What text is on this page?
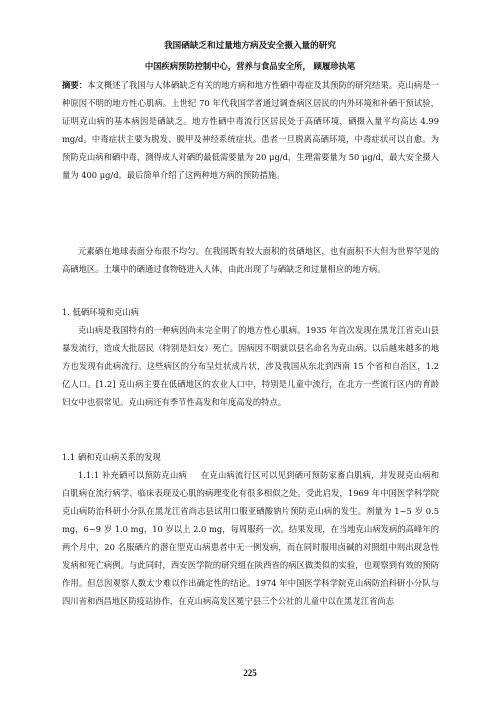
我国硒缺乏和过量地方病及安全摄入量的研究
中国疾病预防控制中心，营养与食品安全所， 顾履珍执笔
摘要：本文概述了我国与人体硒缺乏有关的地方病和地方性硒中毒症及其预防的研究结果。克山病是一种原因不明的地方性心肌病。上世纪 70 年代我国学者通过调查病区居民的内外环境和补硒干预试验，证明克山病的基本病因是硒缺乏。地方性硒中毒流行区居民处于高硒环境，硒摄入量平均高达 4.99 mg/d。中毒症状主要为脱发、脱甲及神经系统症状。患者一旦脱离高硒环境，中毒症状可以自愈。为预防克山病和硒中毒，测得成人对硒的最低需要量为 20 μg/d，生理需要量为 50 μg/d，最大安全摄入量为 400 μg/d。最后简单介绍了这两种地方病的预防措施。
元素硒在地球表面分布很不均匀。在我国既有较大面积的贫硒地区，也有面积不大但为世界罕见的高硒地区。土壤中的硒通过食物链进入人体，由此出现了与硒缺乏和过量相应的地方病。
1. 低硒环境和克山病
克山病是我国特有的一种病因尚未完全明了的地方性心肌病。1935 年首次发现在黑龙江省克山县暴发流行，造成大批居民（特别是妇女）死亡。因病因不明就以县名命名为克山病。以后越来越多的地方也发现有此病流行。这些病区的分布呈灶状成片状，涉及我国从东北到西南 15 个省和自治区，1.2 亿人口。[1.2] 克山病主要在低硒地区的农业人口中，特别是儿童中流行，在北方一些流行区内的育龄妇女中也很常见。克山病还有季节性高发和年度高发的特点。
1.1 硒和克山病关系的发现
1.1.1 补充硒可以预防克山病 在克山病流行区可以见到硒可预防家畜白肌病，并发现克山病和白肌病在流行病学、临床表现及心肌的病理变化有很多相似之处。受此启发，1969 年中国医学科学院克山病防治科研小分队在黑龙江省尚志县试用口服亚硒酸钠片预防克山病的发生。剂量为 1~5 岁 0.5 mg，6~9 岁 1.0 mg，10 岁以上 2.0 mg，每周服药一次。结果发现，在当地克山病发病的高峰年的两个月中，20 名服硒片的潜在型克山病患者中无一例发病，而在同时服用卤碱的对照组中则出现急性发病和死亡病例。与此同时，西安医学院的研究组在陕西省的病区做类似的实验，也观察到有效的预防作用。但总因观察人数太少难以作出确定性的结论。1974 年中国医学科学院克山病防治科研小分队与四川省和西昌地区防疫站协作，在克山病高发区冕宁县三个公社的儿童中以在黑龙江省尚志
225
